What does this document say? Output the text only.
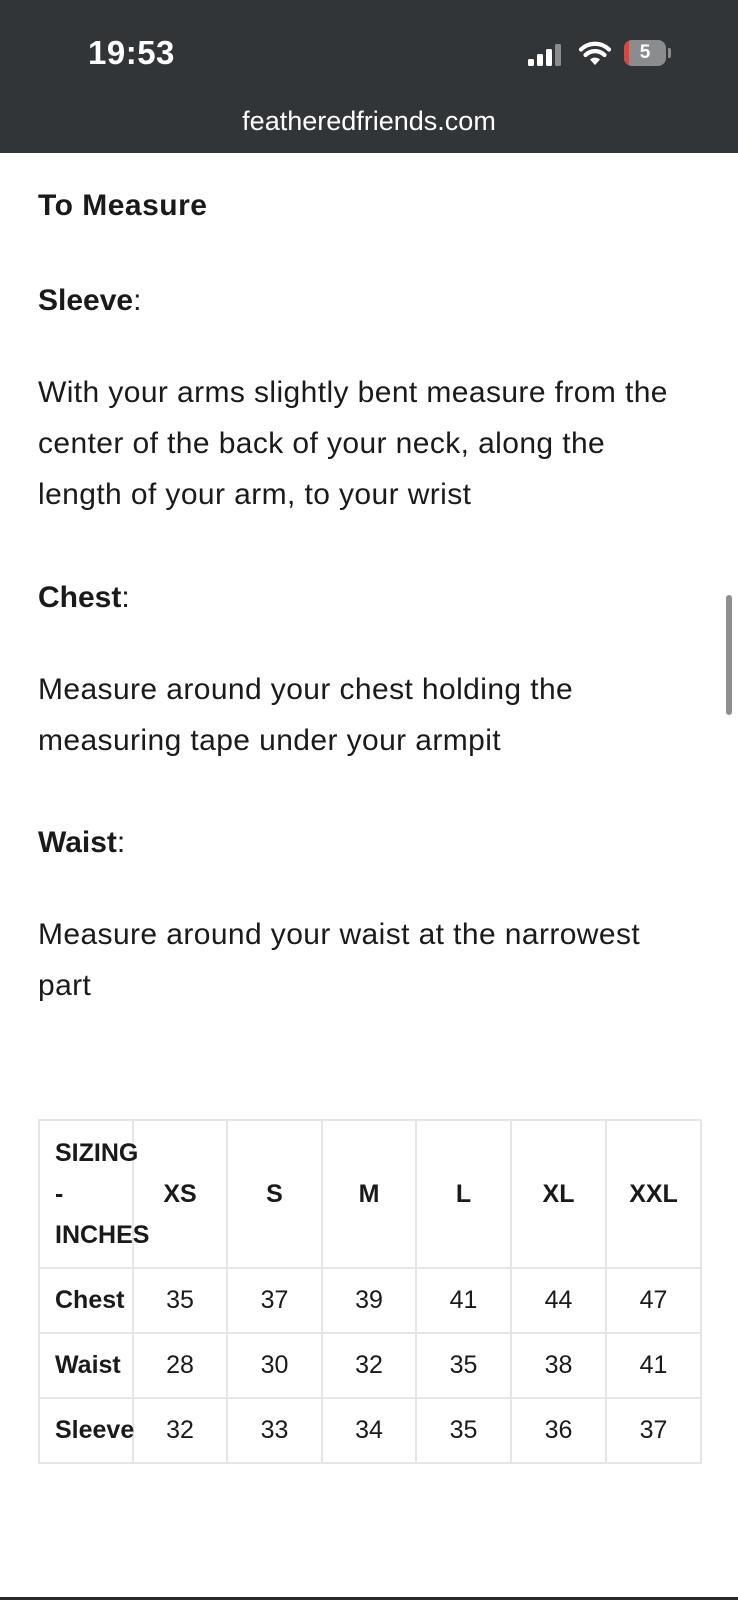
19:53	5
featheredfriends.com
To Measure
Sleeve:
With your arms slightly bent measure from the
center of the back of your neck, along the
length of your arm, to your wrist
Chest:
Measure around your chest holding the
measuring tape under your armpit
Waist:
Measure around your waist at the narrowest
part
SIZING
-
INCHES	XS	S	M	L	XL	XXL
Chest	35	37	39	41	44	47
Waist	28	30	32	35	38	41
Sleeve	32	33	34	35	36	37
